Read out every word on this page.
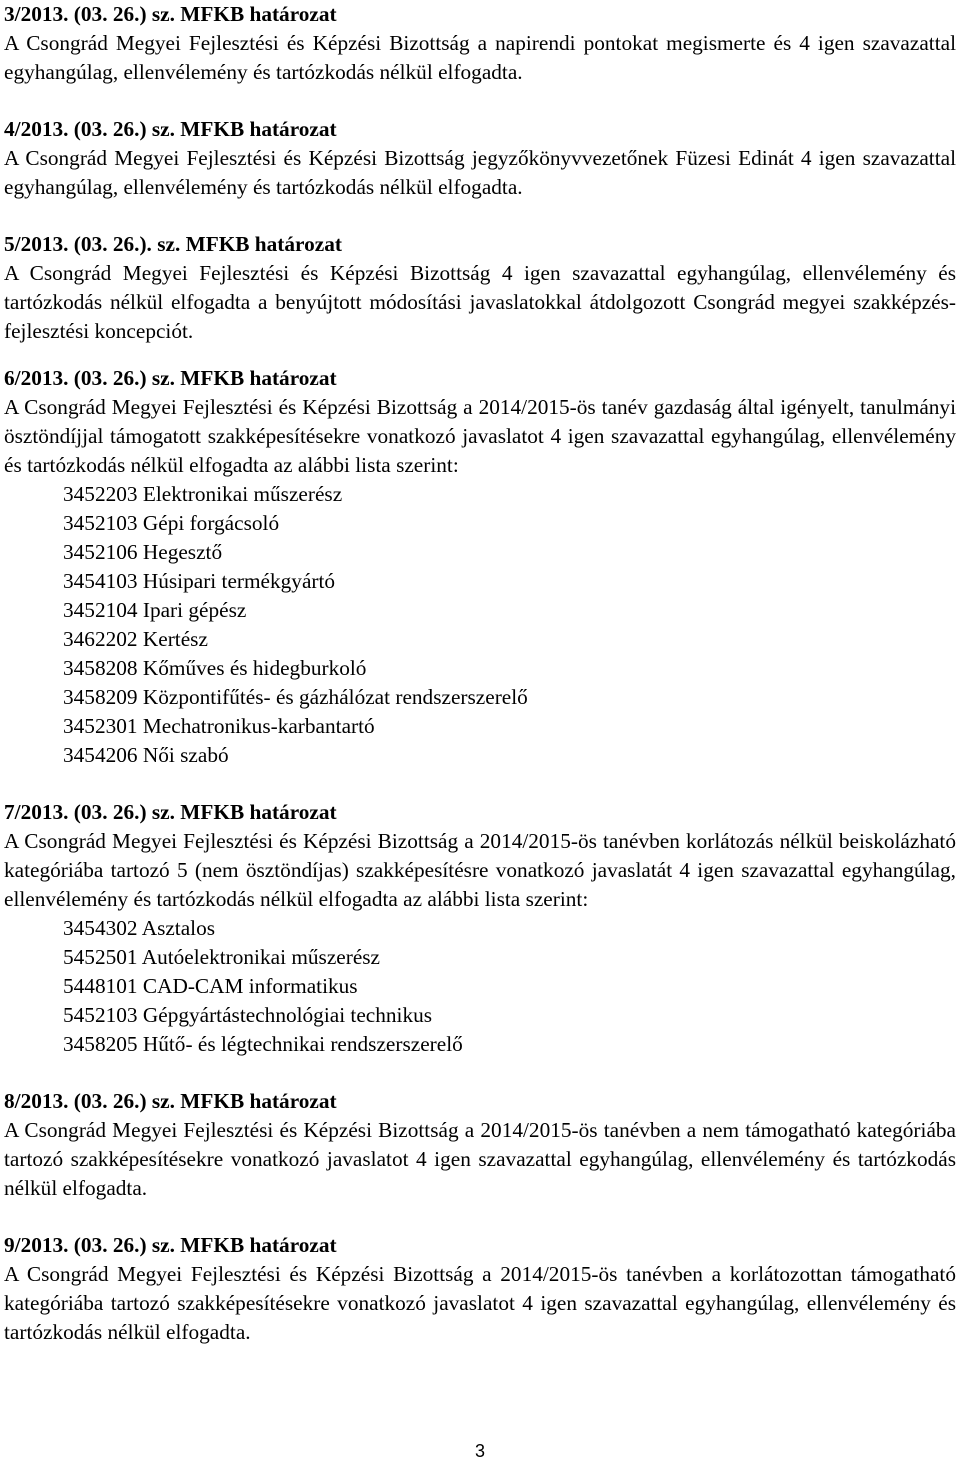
3/2013. (03. 26.) sz. MFKB határozat
A Csongrád Megyei Fejlesztési és Képzési Bizottság a napirendi pontokat megismerte és 4 igen szavazattal egyhangúlag, ellenvélemény és tartózkodás nélkül elfogadta.
4/2013. (03. 26.) sz. MFKB határozat
A Csongrád Megyei Fejlesztési és Képzési Bizottság jegyzőkönyvvezetőnek Füzesi Edinát 4 igen szavazattal egyhangúlag, ellenvélemény és tartózkodás nélkül elfogadta.
5/2013. (03. 26.). sz. MFKB határozat
A Csongrád Megyei Fejlesztési és Képzési Bizottság 4 igen szavazattal egyhangúlag, ellenvélemény és tartózkodás nélkül elfogadta a benyújtott módosítási javaslatokkal átdolgozott Csongrád megyei szakképzés-fejlesztési koncepciót.
6/2013. (03. 26.) sz. MFKB határozat
A Csongrád Megyei Fejlesztési és Képzési Bizottság a 2014/2015-ös tanév gazdaság által igényelt, tanulmányi ösztöndíjjal támogatott szakképesítésekre vonatkozó javaslatot 4 igen szavazattal egyhangúlag, ellenvélemény és tartózkodás nélkül elfogadta az alábbi lista szerint:
3452203 Elektronikai műszerész
3452103 Gépi forgácsoló
3452106 Hegesztő
3454103 Húsipari termékgyártó
3452104 Ipari gépész
3462202 Kertész
3458208 Kőműves és hidegburkoló
3458209 Központifűtés- és gázhálózat rendszerszerelő
3452301 Mechatronikus-karbantartó
3454206 Női szabó
7/2013. (03. 26.) sz. MFKB határozat
A Csongrád Megyei Fejlesztési és Képzési Bizottság a 2014/2015-ös tanévben korlátozás nélkül beiskolázható kategóriába tartozó 5 (nem ösztöndíjas) szakképesítésre vonatkozó javaslatát 4 igen szavazattal egyhangúlag, ellenvélemény és tartózkodás nélkül elfogadta az alábbi lista szerint:
3454302 Asztalos
5452501 Autóelektronikai műszerész
5448101 CAD-CAM informatikus
5452103 Gépgyártástechnológiai technikus
3458205 Hűtő- és légtechnikai rendszerszerelő
8/2013. (03. 26.) sz. MFKB határozat
A Csongrád Megyei Fejlesztési és Képzési Bizottság a 2014/2015-ös tanévben a nem támogatható kategóriába tartozó szakképesítésekre vonatkozó javaslatot 4 igen szavazattal egyhangúlag, ellenvélemény és tartózkodás nélkül elfogadta.
9/2013. (03. 26.) sz. MFKB határozat
A Csongrád Megyei Fejlesztési és Képzési Bizottság a 2014/2015-ös tanévben a korlátozottan támogatható kategóriába tartozó szakképesítésekre vonatkozó javaslatot 4 igen szavazattal egyhangúlag, ellenvélemény és tartózkodás nélkül elfogadta.
3
